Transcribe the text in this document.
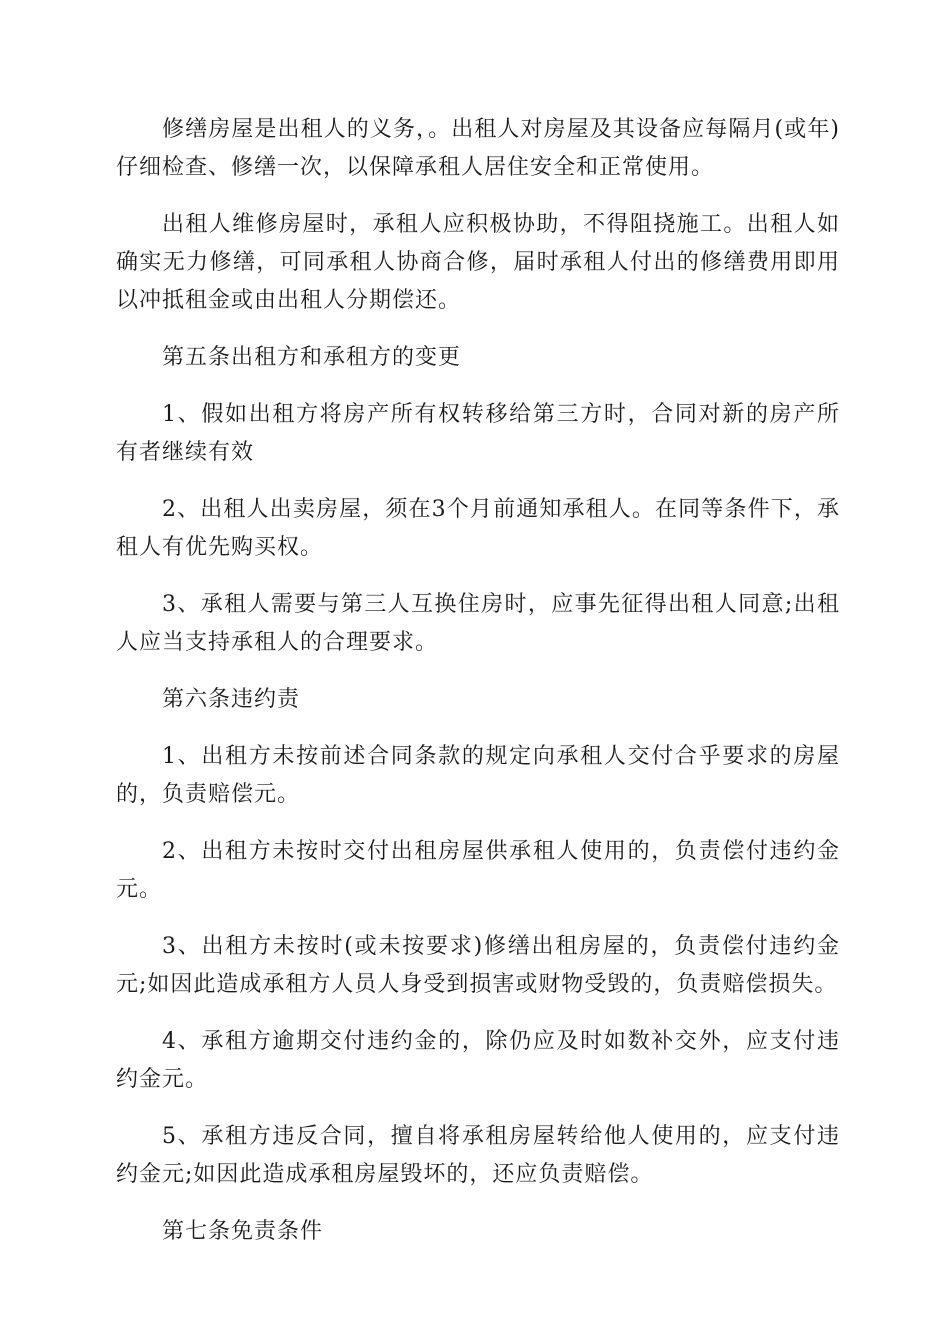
修缮房屋是出租人的义务，。出租人对房屋及其设备应每隔月(或年)仔细检查、修缮一次，以保障承租人居住安全和正常使用。

出租人维修房屋时，承租人应积极协助，不得阻挠施工。出租人如确实无力修缮，可同承租人协商合修，届时承租人付出的修缮费用即用以冲抵租金或由出租人分期偿还。

第五条出租方和承租方的变更

1、假如出租方将房产所有权转移给第三方时，合同对新的房产所有者继续有效

2、出租人出卖房屋，须在3个月前通知承租人。在同等条件下，承租人有优先购买权。

3、承租人需要与第三人互换住房时，应事先征得出租人同意;出租人应当支持承租人的合理要求。

第六条违约责

1、出租方未按前述合同条款的规定向承租人交付合乎要求的房屋的，负责赔偿元。

2、出租方未按时交付出租房屋供承租人使用的，负责偿付违约金元。

3、出租方未按时(或未按要求)修缮出租房屋的，负责偿付违约金元;如因此造成承租方人员人身受到损害或财物受毁的，负责赔偿损失。

4、承租方逾期交付违约金的，除仍应及时如数补交外，应支付违约金元。

5、承租方违反合同，擅自将承租房屋转给他人使用的，应支付违约金元;如因此造成承租房屋毁坏的，还应负责赔偿。

第七条免责条件
